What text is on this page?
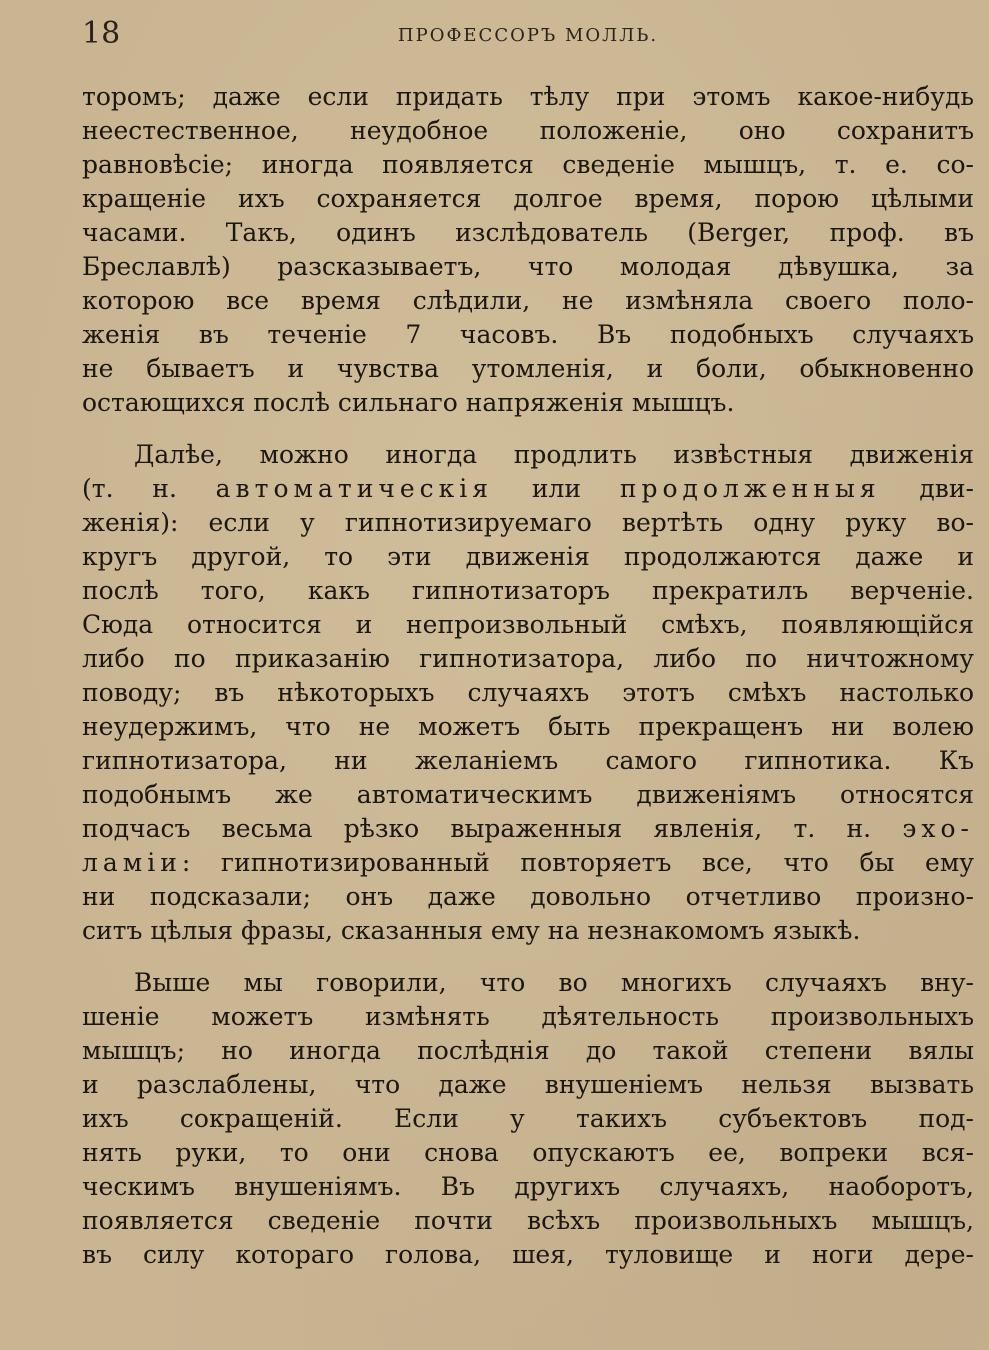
18	ПРОФЕССОРЪ МОЛЛЬ.
торомъ; даже если придать тѣлу при этомъ какое-нибудь
неестественное, неудобное положеніе, оно сохранитъ
равновѣсіе; иногда появляется сведеніе мышцъ, т. е. со-
кращеніе ихъ сохраняется долгое время, порою цѣлыми
часами. Такъ, одинъ изслѣдователь (Berger, проф. въ
Бреславлѣ) разсказываетъ, что молодая дѣвушка, за
которою все время слѣдили, не измѣняла своего поло-
женія въ теченіе 7 часовъ. Въ подобныхъ случаяхъ
не бываетъ и чувства утомленія, и боли, обыкновенно
остающихся послѣ сильнаго напряженія мышцъ.
Далѣе, можно иногда продлить извѣстныя движенія
(т. н. автоматическія или продолженныя дви-
женія): если у гипнотизируемаго вертѣть одну руку во-
кругъ другой, то эти движенія продолжаются даже и
послѣ того, какъ гипнотизаторъ прекратилъ верченіе.
Сюда относится и непроизвольный смѣхъ, появляющійся
либо по приказанію гипнотизатора, либо по ничтожному
поводу; въ нѣкоторыхъ случаяхъ этотъ смѣхъ настолько
неудержимъ, что не можетъ быть прекращенъ ни волею
гипнотизатора, ни желаніемъ самого гипнотика. Къ
подобнымъ же автоматическимъ движеніямъ относятся
подчасъ весьма рѣзко выраженныя явленія, т. н. эхо-
ламіи: гипнотизированный повторяетъ все, что бы ему
ни подсказали; онъ даже довольно отчетливо произно-
ситъ цѣлыя фразы, сказанныя ему на незнакомомъ языкѣ.
Выше мы говорили, что во многихъ случаяхъ вну-
шеніе можетъ измѣнять дѣятельность произвольныхъ
мышцъ; но иногда послѣднія до такой степени вялы
и разслаблены, что даже внушеніемъ нельзя вызвать
ихъ сокращеній. Если у такихъ субъектовъ под-
нять руки, то они снова опускаютъ ее, вопреки вся-
ческимъ внушеніямъ. Въ другихъ случаяхъ, наоборотъ,
появляется сведеніе почти всѣхъ произвольныхъ мышцъ,
въ силу котораго голова, шея, туловище и ноги дере-
